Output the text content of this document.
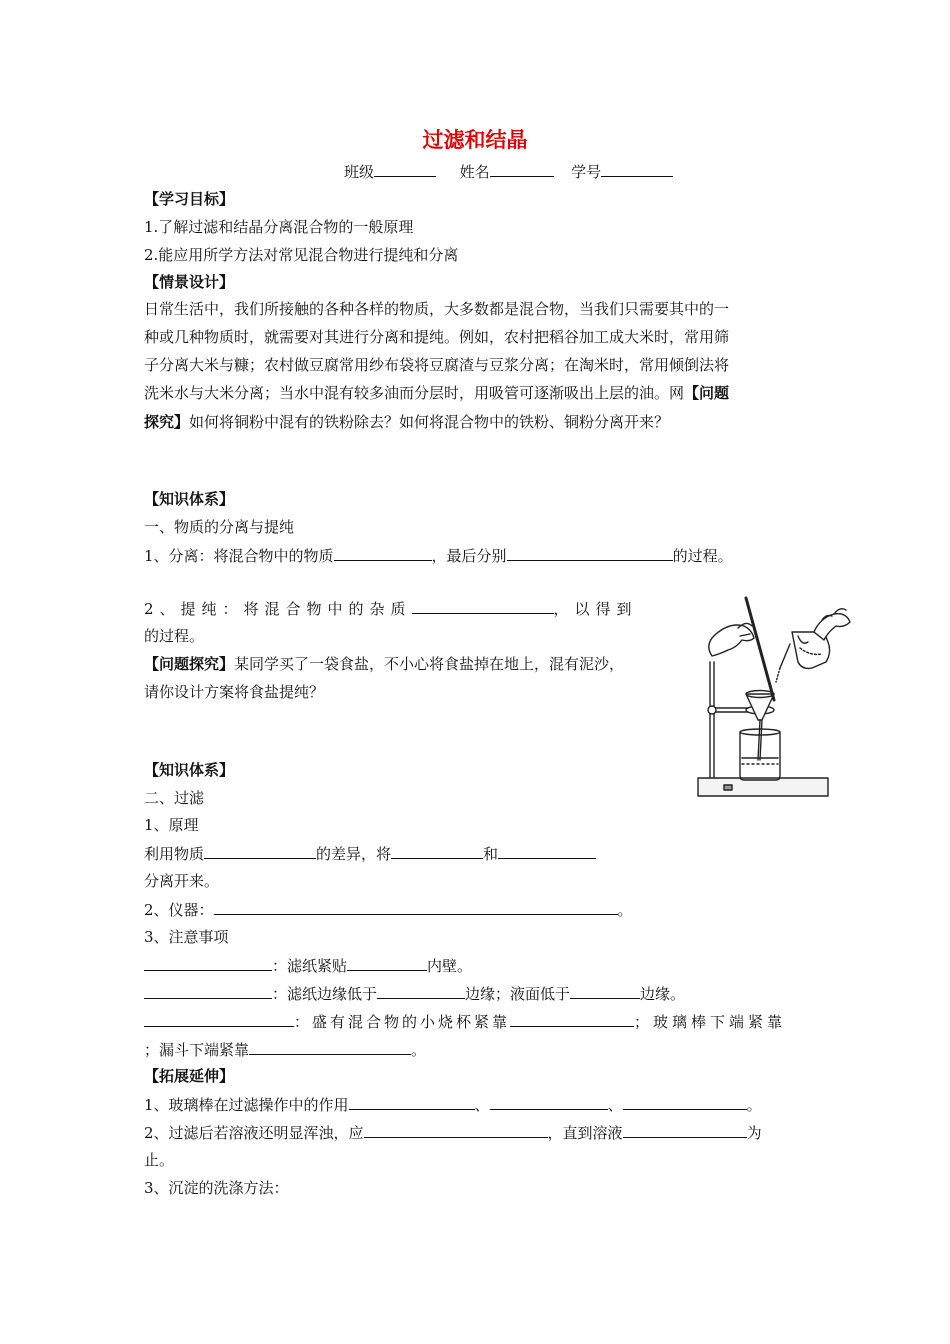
过滤和结晶
班级	姓名	学号
【学习目标】
1.了解过滤和结晶分离混合物的一般原理
2.能应用所学方法对常见混合物进行提纯和分离
【情景设计】
日常生活中，我们所接触的各种各样的物质，大多数都是混合物，当我们只需要其中的一
种或几种物质时，就需要对其进行分离和提纯。例如，农村把稻谷加工成大米时，常用筛
子分离大米与糠；农村做豆腐常用纱布袋将豆腐渣与豆浆分离；在淘米时，常用倾倒法将
洗米水与大米分离；当水中混有较多油而分层时，用吸管可逐渐吸出上层的油。网【问题
探究】如何将铜粉中混有的铁粉除去？如何将混合物中的铁粉、铜粉分离开来？
【知识体系】
一、物质的分离与提纯
1、分离：将混合物中的物质	，最后分别	的过程。
2、提纯：将混合物中的杂质	，以得到
的过程。
【问题探究】某同学买了一袋食盐，不小心将食盐掉在地上，混有泥沙，
请你设计方案将食盐提纯？
【知识体系】
二、过滤
1、原理
利用物质	的差异，将	和
分离开来。
2、仪器：	。
3、注意事项
：滤纸紧贴	内壁。
：滤纸边缘低于	边缘；液面低于	边缘。
：盛有混合物的小烧杯紧靠	；玻璃棒下端紧靠
；漏斗下端紧靠	。
【拓展延伸】
1、玻璃棒在过滤操作中的作用	、	、	。
2、过滤后若溶液还明显浑浊，应	，直到溶液	为
止。
3、沉淀的洗涤方法：
